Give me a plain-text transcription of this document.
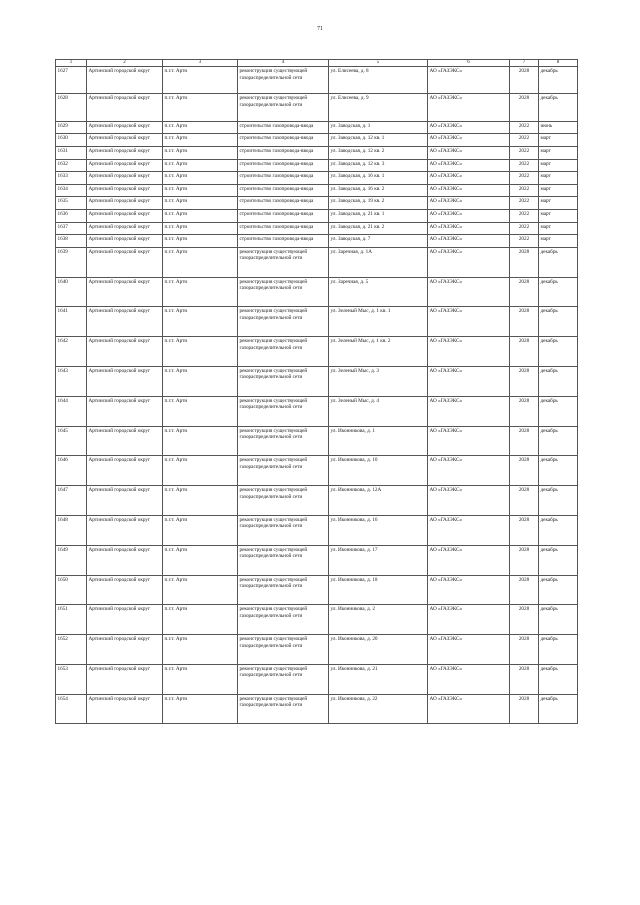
71
1	2	3	4	5	6	7	8
1627	Артинский городской округ	п.г.т. Арти	реконструкция существующей газораспределительной сети	ул. Елисеева, д. 8	АО «ГАЗЭКС»	2028	декабрь
1628	Артинский городской округ	п.г.т. Арти	реконструкция существующей газораспределительной сети	ул. Елисеева, д. 9	АО «ГАЗЭКС»	2028	декабрь
1629	Артинский городской округ	п.г.т. Арти	строительство газопровода-ввода	ул. Заводская, д. 1	АО «ГАЗЭКС»	2022	июнь
1630	Артинский городской округ	п.г.т. Арти	строительство газопровода-ввода	ул. Заводская, д. 12 кв. 1	АО «ГАЗЭКС»	2022	март
1631	Артинский городской округ	п.г.т. Арти	строительство газопровода-ввода	ул. Заводская, д. 12 кв. 2	АО «ГАЗЭКС»	2022	март
1632	Артинский городской округ	п.г.т. Арти	строительство газопровода-ввода	ул. Заводская, д. 12 кв. 3	АО «ГАЗЭКС»	2022	март
1633	Артинский городской округ	п.г.т. Арти	строительство газопровода-ввода	ул. Заводская, д. 16 кв. 1	АО «ГАЗЭКС»	2022	март
1634	Артинский городской округ	п.г.т. Арти	строительство газопровода-ввода	ул. Заводская, д. 16 кв. 2	АО «ГАЗЭКС»	2022	март
1635	Артинский городской округ	п.г.т. Арти	строительство газопровода-ввода	ул. Заводская, д. 19 кв. 2	АО «ГАЗЭКС»	2022	март
1636	Артинский городской округ	п.г.т. Арти	строительство газопровода-ввода	ул. Заводская, д. 21 кв. 1	АО «ГАЗЭКС»	2022	март
1637	Артинский городской округ	п.г.т. Арти	строительство газопровода-ввода	ул. Заводская, д. 21 кв. 2	АО «ГАЗЭКС»	2022	март
1638	Артинский городской округ	п.г.т. Арти	строительство газопровода-ввода	ул. Заводская, д. 7	АО «ГАЗЭКС»	2022	март
1639	Артинский городской округ	п.г.т. Арти	реконструкция существующей газораспределительной сети	ул. Заречная, д. 1А	АО «ГАЗЭКС»	2028	декабрь
1640	Артинский городской округ	п.г.т. Арти	реконструкция существующей газораспределительной сети	ул. Заречная, д. 5	АО «ГАЗЭКС»	2028	декабрь
1641	Артинский городской округ	п.г.т. Арти	реконструкция существующей газораспределительной сети	ул. Зеленый Мыс, д. 1 кв. 1	АО «ГАЗЭКС»	2028	декабрь
1642	Артинский городской округ	п.г.т. Арти	реконструкция существующей газораспределительной сети	ул. Зеленый Мыс, д. 1 кв. 2	АО «ГАЗЭКС»	2028	декабрь
1643	Артинский городской округ	п.г.т. Арти	реконструкция существующей газораспределительной сети	ул. Зеленый Мыс, д. 3	АО «ГАЗЭКС»	2028	декабрь
1644	Артинский городской округ	п.г.т. Арти	реконструкция существующей газораспределительной сети	ул. Зеленый Мыс, д. 4	АО «ГАЗЭКС»	2028	декабрь
1645	Артинский городской округ	п.г.т. Арти	реконструкция существующей газораспределительной сети	ул. Иконникова, д. 1	АО «ГАЗЭКС»	2028	декабрь
1646	Артинский городской округ	п.г.т. Арти	реконструкция существующей газораспределительной сети	ул. Иконникова, д. 10	АО «ГАЗЭКС»	2028	декабрь
1647	Артинский городской округ	п.г.т. Арти	реконструкция существующей газораспределительной сети	ул. Иконникова, д. 12А	АО «ГАЗЭКС»	2028	декабрь
1648	Артинский городской округ	п.г.т. Арти	реконструкция существующей газораспределительной сети	ул. Иконникова, д. 16	АО «ГАЗЭКС»	2028	декабрь
1649	Артинский городской округ	п.г.т. Арти	реконструкция существующей газораспределительной сети	ул. Иконникова, д. 17	АО «ГАЗЭКС»	2028	декабрь
1650	Артинский городской округ	п.г.т. Арти	реконструкция существующей газораспределительной сети	ул. Иконникова, д. 18	АО «ГАЗЭКС»	2028	декабрь
1651	Артинский городской округ	п.г.т. Арти	реконструкция существующей газораспределительной сети	ул. Иконникова, д. 2	АО «ГАЗЭКС»	2028	декабрь
1652	Артинский городской округ	п.г.т. Арти	реконструкция существующей газораспределительной сети	ул. Иконникова, д. 20	АО «ГАЗЭКС»	2028	декабрь
1653	Артинский городской округ	п.г.т. Арти	реконструкция существующей газораспределительной сети	ул. Иконникова, д. 21	АО «ГАЗЭКС»	2028	декабрь
1654	Артинский городской округ	п.г.т. Арти	реконструкция существующей газораспределительной сети	ул. Иконникова, д. 22	АО «ГАЗЭКС»	2028	декабрь
